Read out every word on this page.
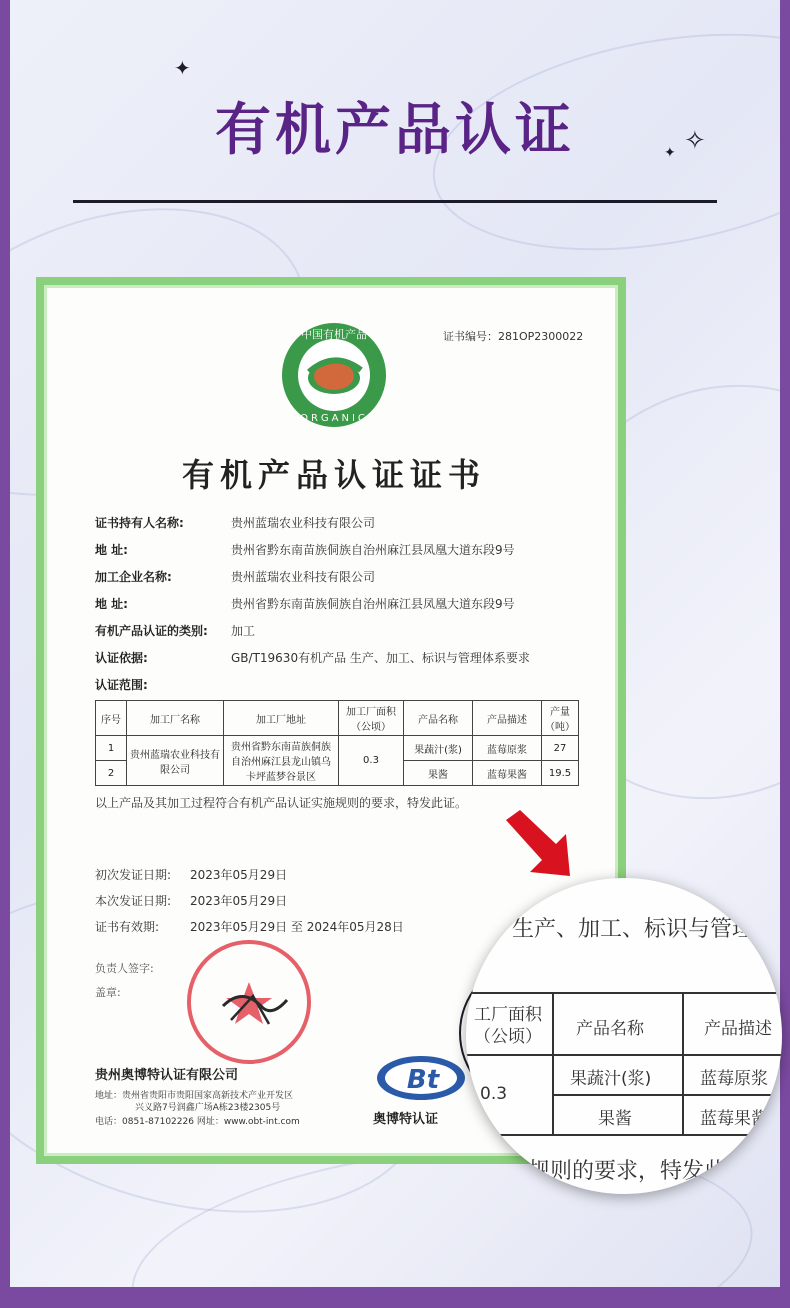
✦
✧
✦
有机产品认证
证书编号：281OP2300022
中国有机产品
ORGANIC
有机产品认证证书
证书持有人名称:	贵州蓝瑞农业科技有限公司
地 址:	贵州省黔东南苗族侗族自治州麻江县凤凰大道东段9号
加工企业名称:	贵州蓝瑞农业科技有限公司
地 址:	贵州省黔东南苗族侗族自治州麻江县凤凰大道东段9号
有机产品认证的类别: 加工
认证依据:	GB/T19630有机产品 生产、加工、标识与管理体系要求
认证范围:
序号	加工厂名称	加工厂地址	加工厂面积（公顷）	产品名称	产品描述	产量（吨）
1	贵州蓝瑞农业科技有限公司	贵州省黔东南苗族侗族自治州麻江县龙山镇乌卡坪蓝梦谷景区	0.3	果蔬汁(浆)	蓝莓原浆	27
2				果酱	蓝莓果酱	19.5
以上产品及其加工过程符合有机产品认证实施规则的要求，特发此证。
初次发证日期: 2023年05月29日
本次发证日期: 2023年05月29日
证书有效期:	2023年05月29日 至 2024年05月28日
负责人签字:
盖章:
贵州奥博特认证有限公司
地址：贵州省贵阳市贵阳国家高新技术产业开发区
兴义路7号润鑫广场A栋23楼2305号
电话：0851-87102226 网址：www.obt-int.com
Bt
奥博特认证
生产、加工、标识与管理体
工厂面积（公顷）	产品名称	产品描述
0.3
果蔬汁(浆)	蓝莓原浆
果酱	蓝莓果酱
施规则的要求，特发此证
